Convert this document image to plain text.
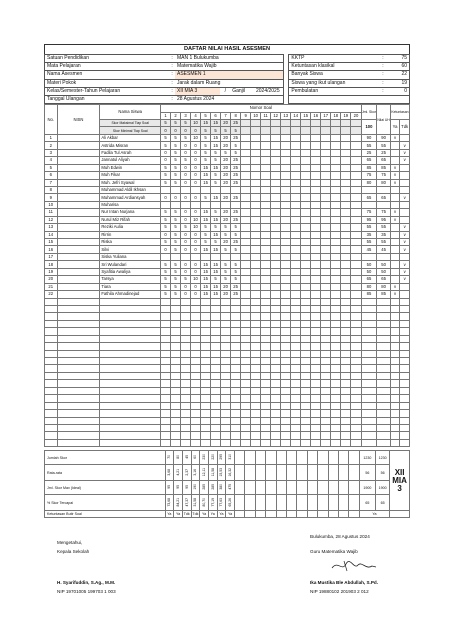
DAFTAR NILAI HASIL ASESMEN
Satuan Pendidikan	:	MAN 1 Bulukumba					KKTP	:	75
Mata Pelajaran	:	Matematika Wajib					Ketuntasan klasikal	:	60
Nama Asesmen	:	ASESMEN 1					Banyak Siswa	:	22
Materi Pokok	:	Jarak dalam Ruang					Siswa yang ikut ulangan	:	19
Kelas/Semester-Tahun Pelajaran	:	XII MIA 3	/	Ganjil	2024/2025		Pembulatan	:	0
Tanggal Ulangan	:	28 Agustus 2024							
No.	NISN	Nama Siswa	Nomor Soal																				Jml. Skor	Nilai UH	Ketuntasan	
			1	2	3	4	5	6	7	8	9	10	11	12	13	14	15	16	17	18	19	20				
		Skor Maksimal Tiap Soal	5	5	5	10	15	15	20	25													100		Ya	Tdk
		Skor Minimal Tiap Soal	0	0	0	0	5	5	5	5																
1		Ali Akbar	5	5	5	10	5	15	20	25													90	90	v	
2		Astrida Misran	5	5	0	0	5	15	20	5													55	55		v
3		Fadila Tul Asrah	0	5	0	0	5	5	5	5													25	25		v
4		Jannatul Aliyah	0	5	5	0	5	5	20	25													65	65		v
5		Muh Edwin	5	5	0	0	15	15	20	25													85	85	v	
6		Muh Fikar	5	5	0	0	15	5	20	25													75	75	v	
7		Muh. Jefri Syawal	5	5	0	0	15	5	20	25													80	80	v	
8		Muhammad Aldil Ikhsan																								
9		Muhammad Ardiansyah	0	0	0	0	5	15	20	25													65	65		v
10		Muharisa																								
11		Nur Intan Nurjana	5	5	0	0	15	5	20	25													75	75	v	
12		Nurul Miz Rifah	5	5	0	10	15	15	20	25													95	95	v	
13		Reziki Aulia	5	5	5	10	5	5	5	5													55	55		v
14		Rirrin	0	5	0	0	5	15	5	5													35	35		v
15		Riska	5	5	0	0	5	5	20	25													55	55		v
16		Silvi	0	5	0	0	15	15	5	5													45	45		v
17		Siska Yuliana																								
18		Sri Wulandari	5	5	0	0	15	15	5	5													50	50		v
19		Syafitia Awaliya	5	5	0	0	15	15	5	5													50	50		v
20		Tarsya	5	5	5	10	15	5	5	5													65	65		v
21		Tiara	5	5	0	0	15	15	20	25													80	80	v	
22		Fathila Ahmadinejad	5	5	0	0	15	15	20	25													85	85	v	

Jumlah Skor	70	80	45	60	230	220	295	310													1230	1230	XII
MIA 3

Rata-rata	3,68	4,21	2,37	3,16	12,11	11,58	15,53	16,32													56	56	
Jml. Skor Max (Ideal)	95	95	95	190	285	285	380	475													1900	1900	
% Skor Tercapai	73,68	84,21	47,37	31,58	80,70	77,19	77,63	65,26													65	65	
Ketuntasan Butir Soal	Ya	Ya	Tdk	Tdk	Ya	Ya	Ya	Ya													Ya		
Bulukumba, 28 Agustus 2024
Mengetahui,
Kepala Sekolah	Guru Matematika Wajib
H. Syarifuddin, S.Ag., M.M.
NIP 19701005 199703 1 003
Ika Mustika Ble Abdullah, S.Pd.
NIP 19880102 201903 2 012
